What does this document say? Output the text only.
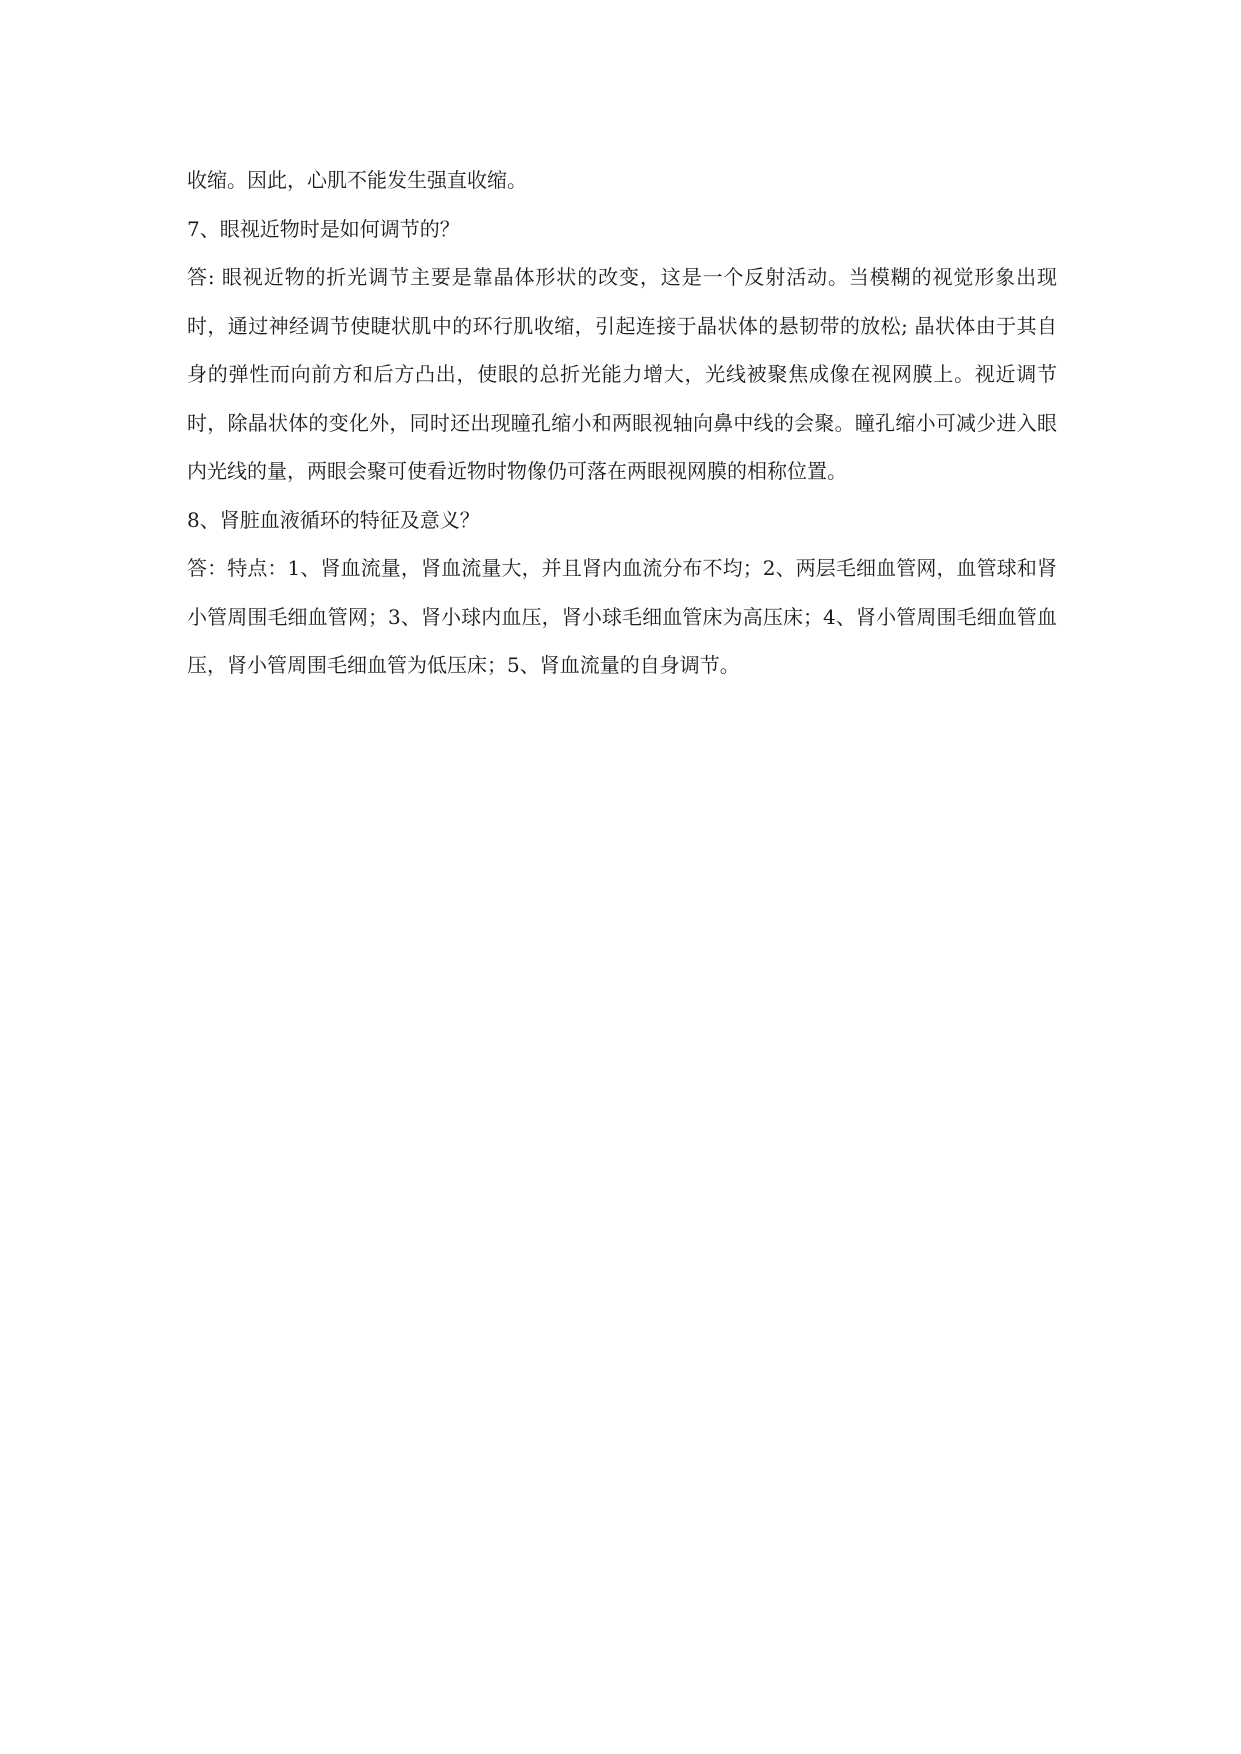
收缩。因此，心肌不能发生强直收缩。

7、眼视近物时是如何调节的？

答: 眼视近物的折光调节主要是靠晶体形状的改变，这是一个反射活动。当模糊的视觉形象出现时，通过神经调节使睫状肌中的环行肌收缩，引起连接于晶状体的悬韧带的放松; 晶状体由于其自身的弹性而向前方和后方凸出，使眼的总折光能力增大，光线被聚焦成像在视网膜上。视近调节时，除晶状体的变化外，同时还出现瞳孔缩小和两眼视轴向鼻中线的会聚。瞳孔缩小可减少进入眼内光线的量，两眼会聚可使看近物时物像仍可落在两眼视网膜的相称位置。

8、肾脏血液循环的特征及意义？

答：特点：1、肾血流量，肾血流量大，并且肾内血流分布不均；2、两层毛细血管网，血管球和肾小管周围毛细血管网；3、肾小球内血压，肾小球毛细血管床为高压床；4、肾小管周围毛细血管血压，肾小管周围毛细血管为低压床；5、肾血流量的自身调节。
